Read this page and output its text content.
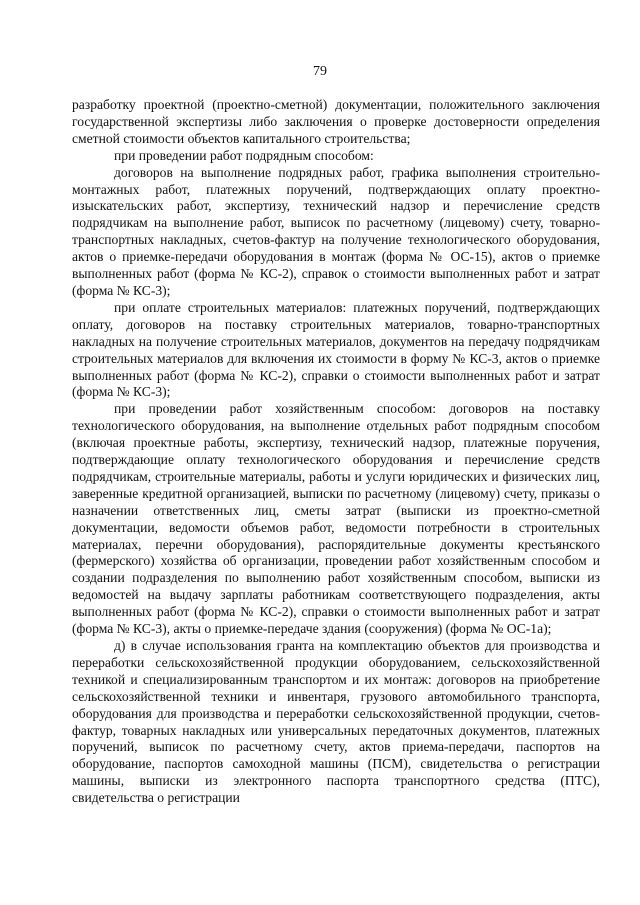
79

разработку проектной (проектно-сметной) документации, положительного заключения государственной экспертизы либо заключения о проверке достоверности определения сметной стоимости объектов капитального строительства;

при проведении работ подрядным способом:

договоров на выполнение подрядных работ, графика выполнения строительно-монтажных работ, платежных поручений, подтверждающих оплату проектно-изыскательских работ, экспертизу, технический надзор и перечисление средств подрядчикам на выполнение работ, выписок по расчетному (лицевому) счету, товарно-транспортных накладных, счетов-фактур на получение технологического оборудования, актов о приемке-передачи оборудования в монтаж (форма № ОС-15), актов о приемке выполненных работ (форма № КС-2), справок о стоимости выполненных работ и затрат (форма № КС-3);

при оплате строительных материалов: платежных поручений, подтверждающих оплату, договоров на поставку строительных материалов, товарно-транспортных накладных на получение строительных материалов, документов на передачу подрядчикам строительных материалов для включения их стоимости в форму № КС-3, актов о приемке выполненных работ (форма № КС-2), справки о стоимости выполненных работ и затрат (форма № КС-3);

при проведении работ хозяйственным способом: договоров на поставку технологического оборудования, на выполнение отдельных работ подрядным способом (включая проектные работы, экспертизу, технический надзор, платежные поручения, подтверждающие оплату технологического оборудования и перечисление средств подрядчикам, строительные материалы, работы и услуги юридических и физических лиц, заверенные кредитной организацией, выписки по расчетному (лицевому) счету, приказы о назначении ответственных лиц, сметы затрат (выписки из проектно-сметной документации, ведомости объемов работ, ведомости потребности в строительных материалах, перечни оборудования), распорядительные документы крестьянского (фермерского) хозяйства об организации, проведении работ хозяйственным способом и создании подразделения по выполнению работ хозяйственным способом, выписки из ведомостей на выдачу зарплаты работникам соответствующего подразделения, акты выполненных работ (форма № КС-2), справки о стоимости выполненных работ и затрат (форма № КС-3), акты о приемке-передаче здания (сооружения) (форма № ОС-1а);

д) в случае использования гранта на комплектацию объектов для производства и переработки сельскохозяйственной продукции оборудованием, сельскохозяйственной техникой и специализированным транспортом и их монтаж: договоров на приобретение сельскохозяйственной техники и инвентаря, грузового автомобильного транспорта, оборудования для производства и переработки сельскохозяйственной продукции, счетов-фактур, товарных накладных или универсальных передаточных документов, платежных поручений, выписок по расчетному счету, актов приема-передачи, паспортов на оборудование, паспортов самоходной машины (ПСМ), свидетельства о регистрации машины, выписки из электронного паспорта транспортного средства (ПТС), свидетельства о регистрации
